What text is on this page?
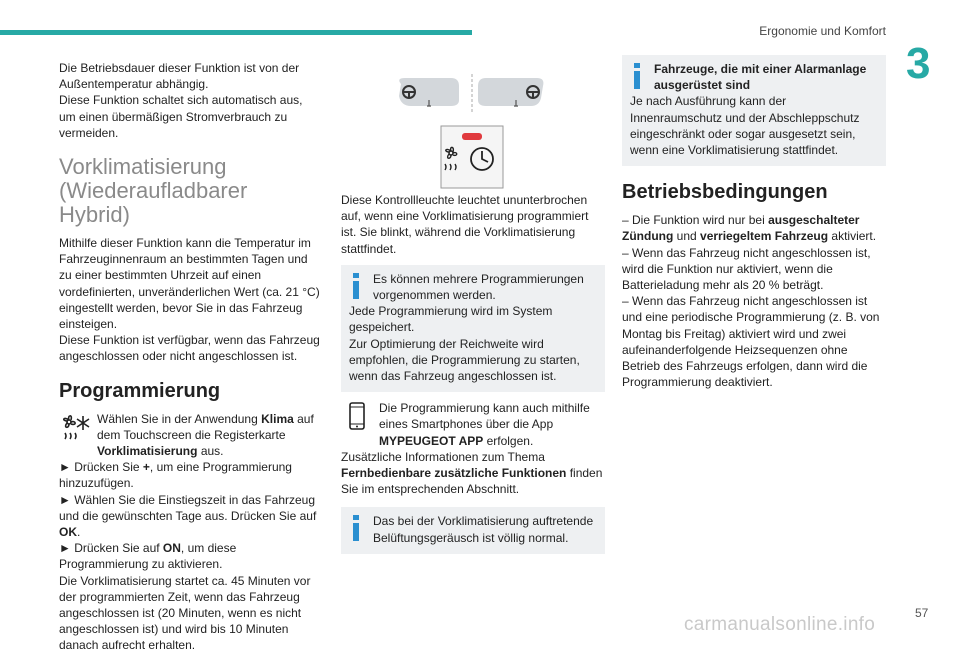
Ergonomie und Komfort
3

Die Betriebsdauer dieser Funktion ist von der Außentemperatur abhängig.

Diese Funktion schaltet sich automatisch aus, um einen übermäßigen Stromverbrauch zu vermeiden.

Vorklimatisierung (Wiederaufladbarer Hybrid)

Mithilfe dieser Funktion kann die Temperatur im Fahrzeuginnenraum an bestimmten Tagen und zu einer bestimmten Uhrzeit auf einen vordefinierten, unveränderlichen Wert (ca. 21 °C) eingestellt werden, bevor Sie in das Fahrzeug einsteigen.

Diese Funktion ist verfügbar, wenn das Fahrzeug angeschlossen oder nicht angeschlossen ist.

Programmierung

Wählen Sie in der Anwendung Klima auf dem Touchscreen die Registerkarte Vorklimatisierung aus.

► Drücken Sie +, um eine Programmierung hinzuzufügen.

► Wählen Sie die Einstiegszeit in das Fahrzeug und die gewünschten Tage aus. Drücken Sie auf OK.

► Drücken Sie auf ON, um diese Programmierung zu aktivieren.

Die Vorklimatisierung startet ca. 45 Minuten vor der programmierten Zeit, wenn das Fahrzeug angeschlossen ist (20 Minuten, wenn es nicht angeschlossen ist) und wird bis 10 Minuten danach aufrecht erhalten.

Diese Kontrollleuchte leuchtet ununterbrochen auf, wenn eine Vorklimatisierung programmiert ist. Sie blinkt, während die Vorklimatisierung stattfindet.

Es können mehrere Programmierungen vorgenommen werden.

Jede Programmierung wird im System gespeichert.

Zur Optimierung der Reichweite wird empfohlen, die Programmierung zu starten, wenn das Fahrzeug angeschlossen ist.

Die Programmierung kann auch mithilfe eines Smartphones über die App MYPEUGEOT APP erfolgen.

Zusätzliche Informationen zum Thema Fernbedienbare zusätzliche Funktionen finden Sie im entsprechenden Abschnitt.

Das bei der Vorklimatisierung auftretende Belüftungsgeräusch ist völlig normal.

Fahrzeuge, die mit einer Alarmanlage ausgerüstet sind

Je nach Ausführung kann der Innenraumschutz und der Abschleppschutz eingeschränkt oder sogar ausgesetzt sein, wenn eine Vorklimatisierung stattfindet.

Betriebsbedingungen

– Die Funktion wird nur bei ausgeschalteter Zündung und verriegeltem Fahrzeug aktiviert.

– Wenn das Fahrzeug nicht angeschlossen ist, wird die Funktion nur aktiviert, wenn die Batterieladung mehr als 20 % beträgt.

– Wenn das Fahrzeug nicht angeschlossen ist und eine periodische Programmierung (z. B. von Montag bis Freitag) aktiviert wird und zwei aufeinanderfolgende Heizsequenzen ohne Betrieb des Fahrzeugs erfolgen, dann wird die Programmierung deaktiviert.

57
carmanualsonline.info
